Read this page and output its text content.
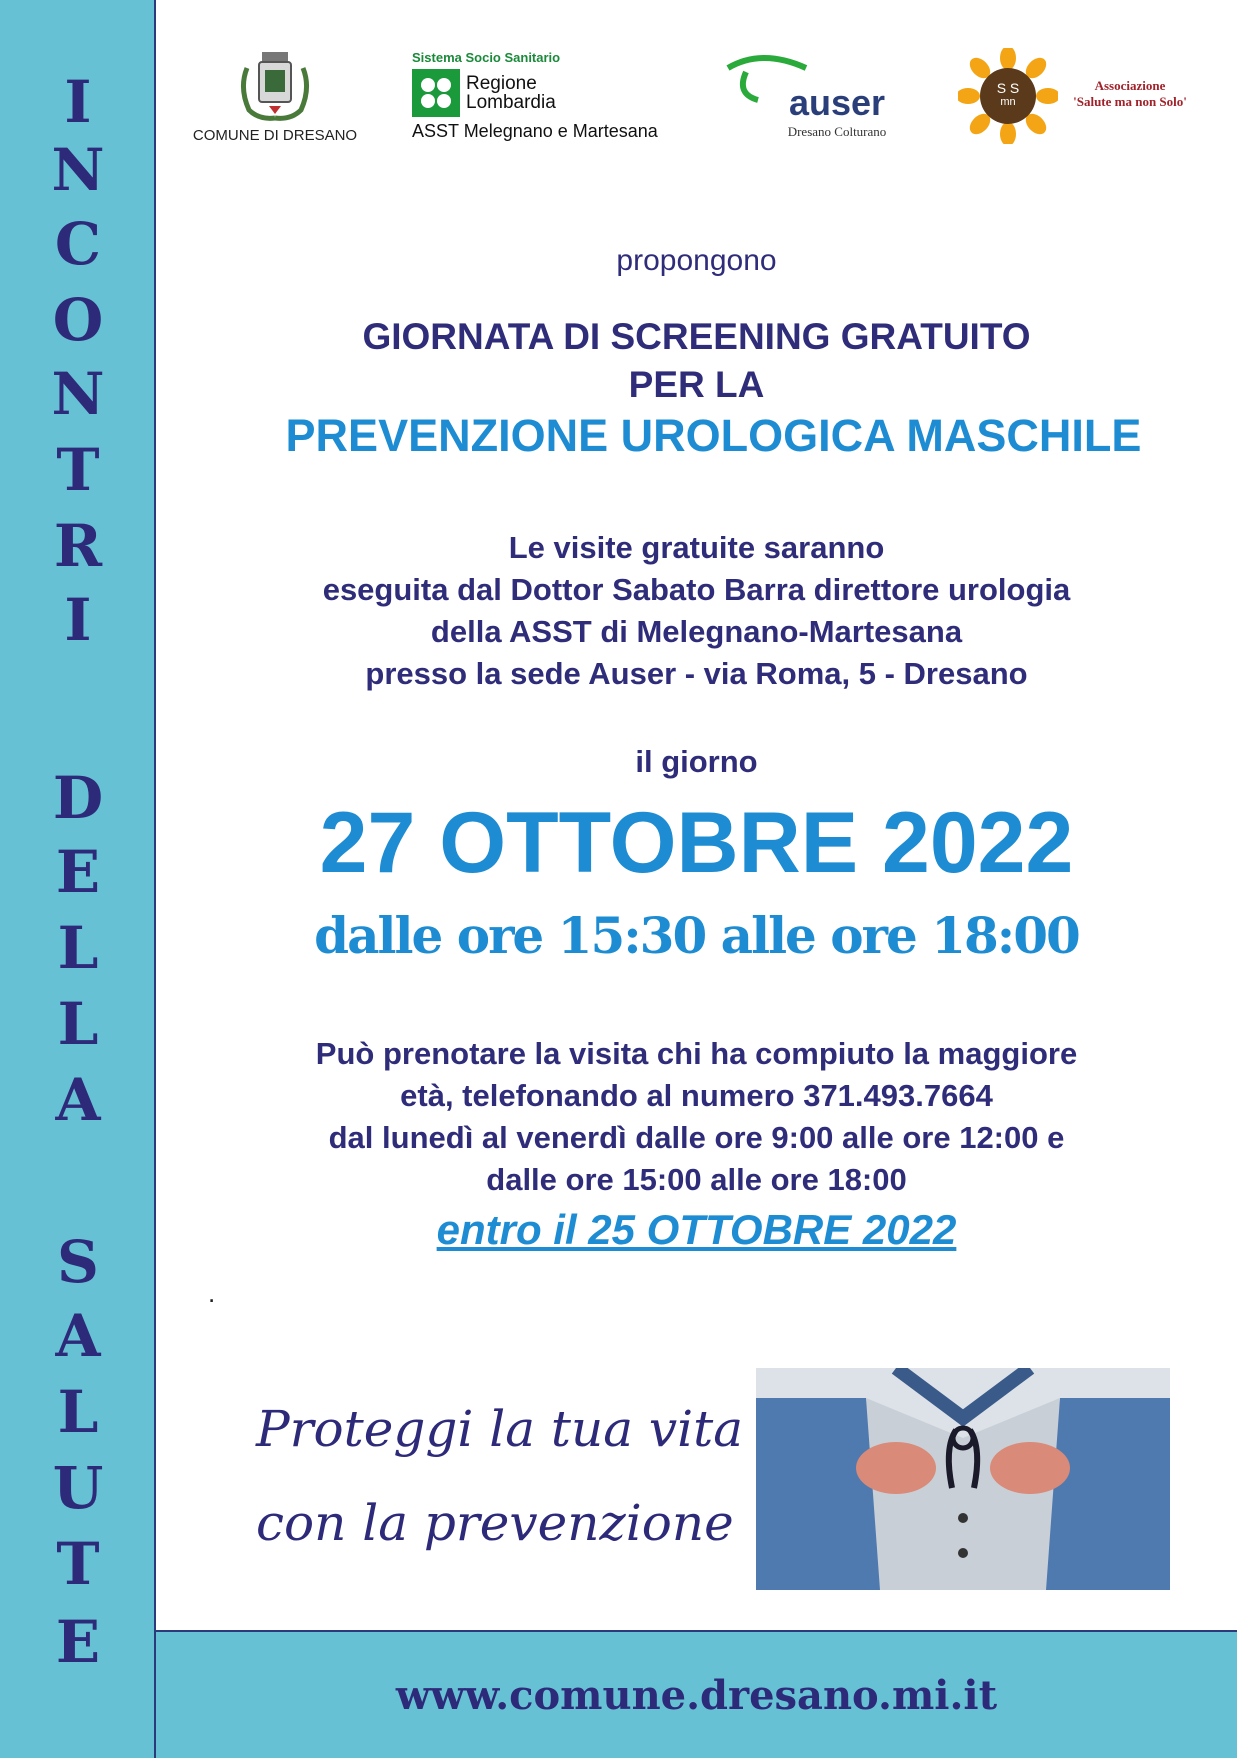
I
N
C
O
N
T
R
I
D
E
L
L
A
S
A
L
U
T
E
COMUNE DI DRESANO
Sistema Socio Sanitario
Regione
Lombardia
ASST Melegnano e Martesana
auser
Dresano Colturano
S S
mn
Associazione
'Salute ma non Solo'
propongono
GIORNATA DI SCREENING GRATUITO
PER LA
PREVENZIONE UROLOGICA MASCHILE
Le visite gratuite saranno
eseguita dal Dottor Sabato Barra direttore urologia
della ASST di Melegnano-Martesana
presso la sede Auser - via Roma, 5 - Dresano
il giorno
27 OTTOBRE 2022
dalle ore 15:30 alle ore 18:00
Può prenotare la visita chi ha compiuto la maggiore
età, telefonando al numero 371.493.7664
dal lunedì al venerdì dalle ore 9:00 alle ore 12:00 e
dalle ore 15:00 alle ore 18:00
entro il 25 OTTOBRE 2022
.
Proteggi la tua vita
con la prevenzione
www.comune.dresano.mi.it
